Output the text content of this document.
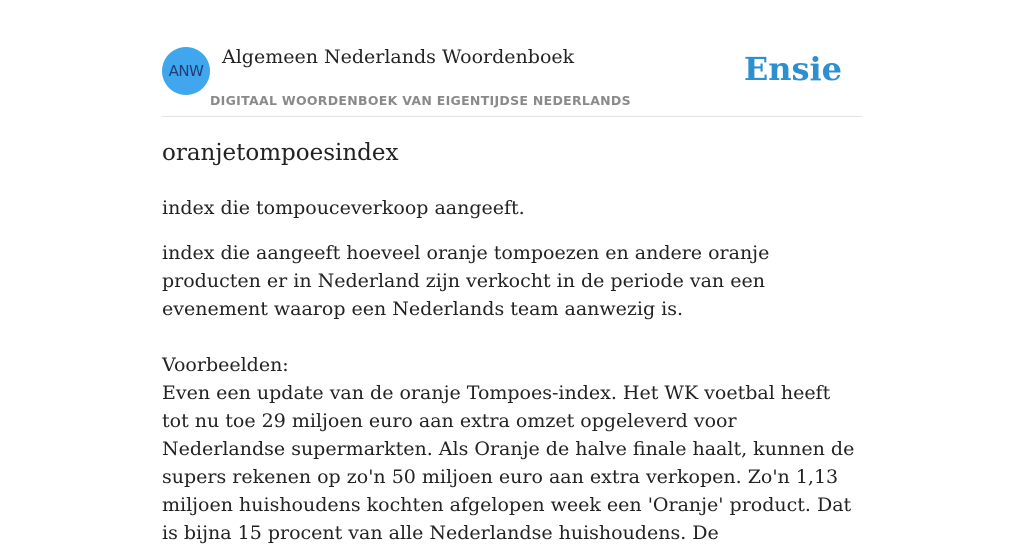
ANW
Algemeen Nederlands Woordenboek
DIGITAAL WOORDENBOEK VAN EIGENTIJDSE NEDERLANDS
Ensie
oranjetompoesindex

index die tompouceverkoop aangeeft.

index die aangeeft hoeveel oranje tompoezen en andere oranje producten er in Nederland zijn verkocht in de periode van een evenement waarop een Nederlands team aanwezig is.

Voorbeelden:

Even een update van de oranje Tompoes-index. Het WK voetbal heeft tot nu toe 29 miljoen euro aan extra omzet opgeleverd voor Nederlandse supermarkten. Als Oranje de halve finale haalt, kunnen de supers rekenen op zo'n 50 miljoen euro aan extra verkopen. Zo'n 1,13 miljoen huishoudens kochten afgelopen week een 'Oranje' product. Dat is bijna 15 procent van alle Nederlandse huishoudens. De
